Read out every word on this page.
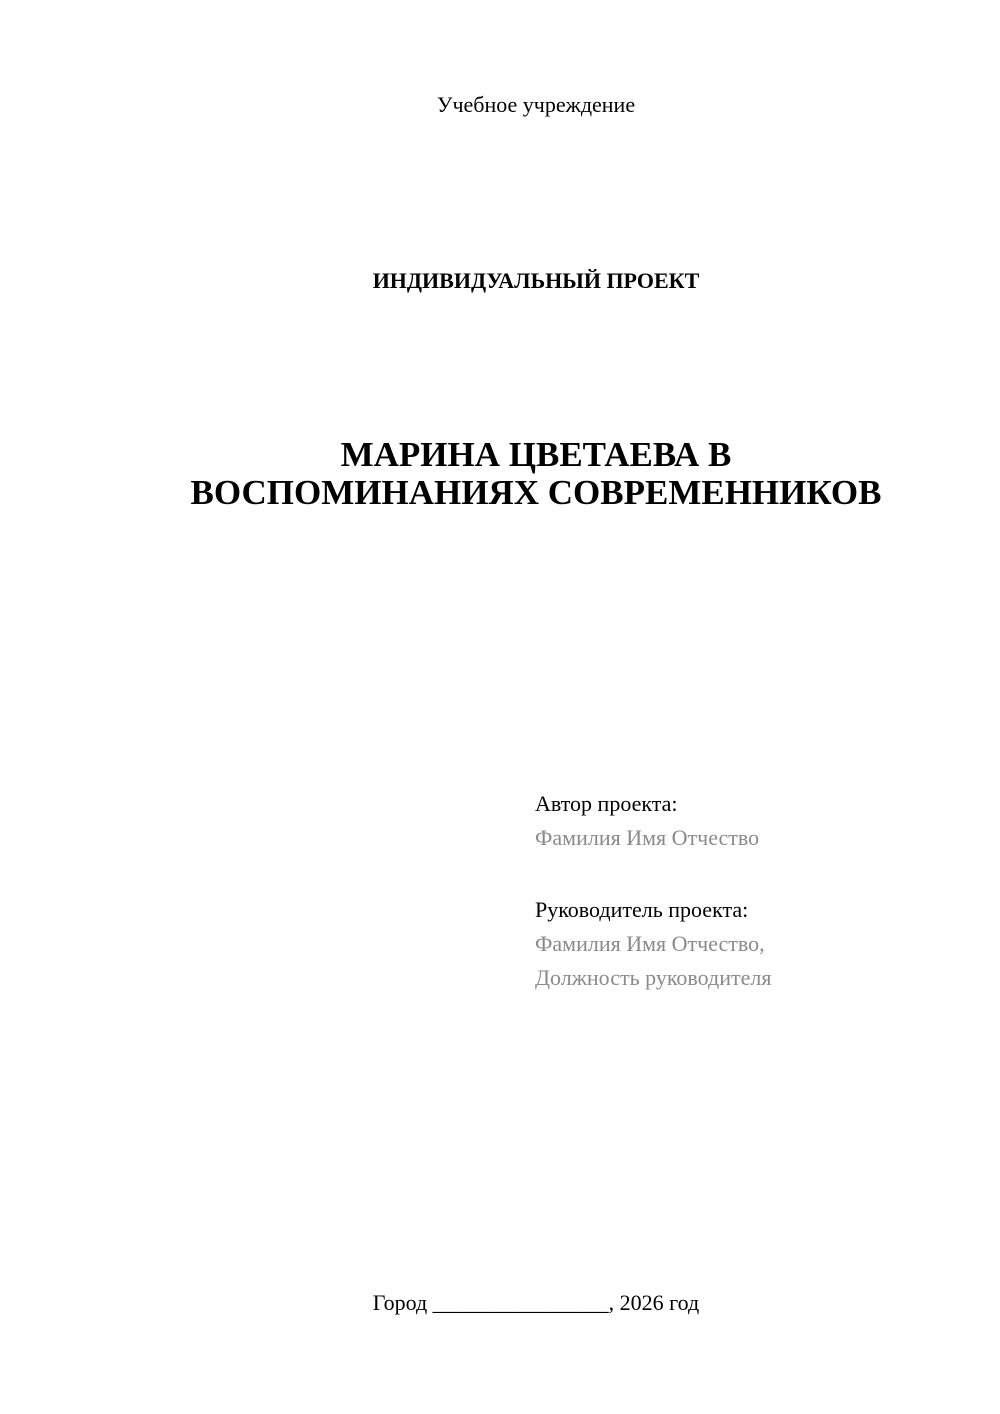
Учебное учреждение
ИНДИВИДУАЛЬНЫЙ ПРОЕКТ
МАРИНА ЦВЕТАЕВА В
ВОСПОМИНАНИЯХ СОВРЕМЕННИКОВ
Автор проекта:
Фамилия Имя Отчество
Руководитель проекта:
Фамилия Имя Отчество,
Должность руководителя
Город ________________, 2026 год
